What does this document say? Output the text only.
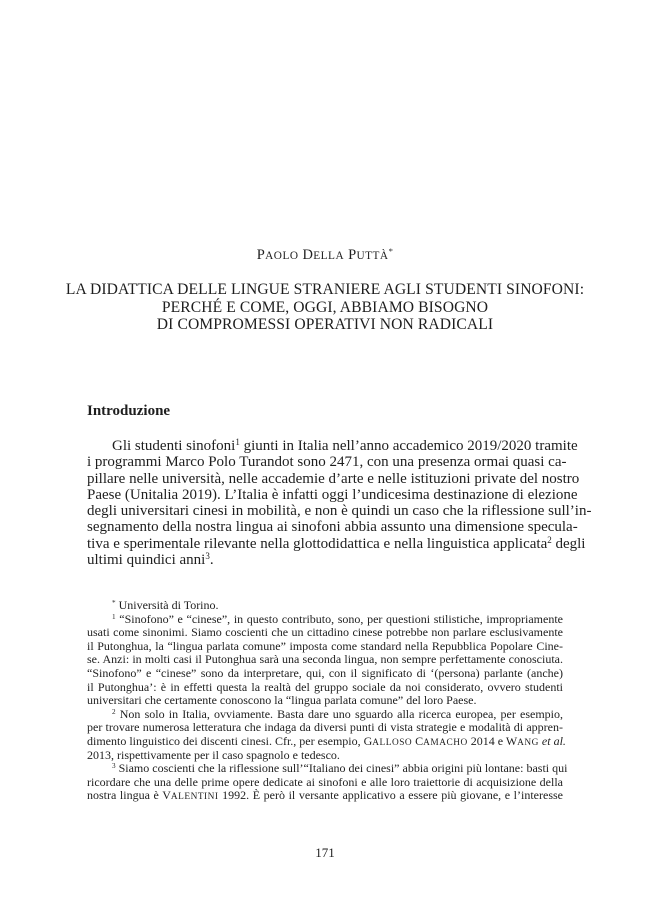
PAOLO DELLA PUTTÀ*
LA DIDATTICA DELLE LINGUE STRANIERE AGLI STUDENTI SINOFONI:
PERCHÉ E COME, OGGI, ABBIAMO BISOGNO
DI COMPROMESSI OPERATIVI NON RADICALI
Introduzione
Gli studenti sinofoni$^1$ giunti in Italia nell’anno accademico 2019/2020 tramite
i programmi Marco Polo Turandot sono 2471, con una presenza ormai quasi ca-
pillare nelle università, nelle accademie d’arte e nelle istituzioni private del nostro
Paese (Unitalia 2019). L’Italia è infatti oggi l’undicesima destinazione di elezione
degli universitari cinesi in mobilità, e non è quindi un caso che la riflessione sull’in-
segnamento della nostra lingua ai sinofoni abbia assunto una dimensione specula-
tiva e sperimentale rilevante nella glottodidattica e nella linguistica applicata$^2$ degli
ultimi quindici anni$^3$.
* Università di Torino.
$^1$ “Sinofono” e “cinese”, in questo contributo, sono, per questioni stilistiche, impropriamente
usati come sinonimi. Siamo coscienti che un cittadino cinese potrebbe non parlare esclusivamente
il Putonghua, la “lingua parlata comune” imposta come standard nella Repubblica Popolare Cine-
se. Anzi: in molti casi il Putonghua sarà una seconda lingua, non sempre perfettamente conosciuta.
“Sinofono” e “cinese” sono da interpretare, qui, con il significato di ‘(persona) parlante (anche)
il Putonghua’: è in effetti questa la realtà del gruppo sociale da noi considerato, ovvero studenti
universitari che certamente conoscono la “lingua parlata comune” del loro Paese.
$^2$ Non solo in Italia, ovviamente. Basta dare uno sguardo alla ricerca europea, per esempio,
per trovare numerosa letteratura che indaga da diversi punti di vista strategie e modalità di appren-
dimento linguistico dei discenti cinesi. Cfr., per esempio, GALLOSO CAMACHO 2014 e WANG et al.
2013, rispettivamente per il caso spagnolo e tedesco.
$^3$ Siamo coscienti che la riflessione sull’“Italiano dei cinesi” abbia origini più lontane: basti qui
ricordare che una delle prime opere dedicate ai sinofoni e alle loro traiettorie di acquisizione della
nostra lingua è VALENTINI 1992. È però il versante applicativo a essere più giovane, e l’interesse
171
